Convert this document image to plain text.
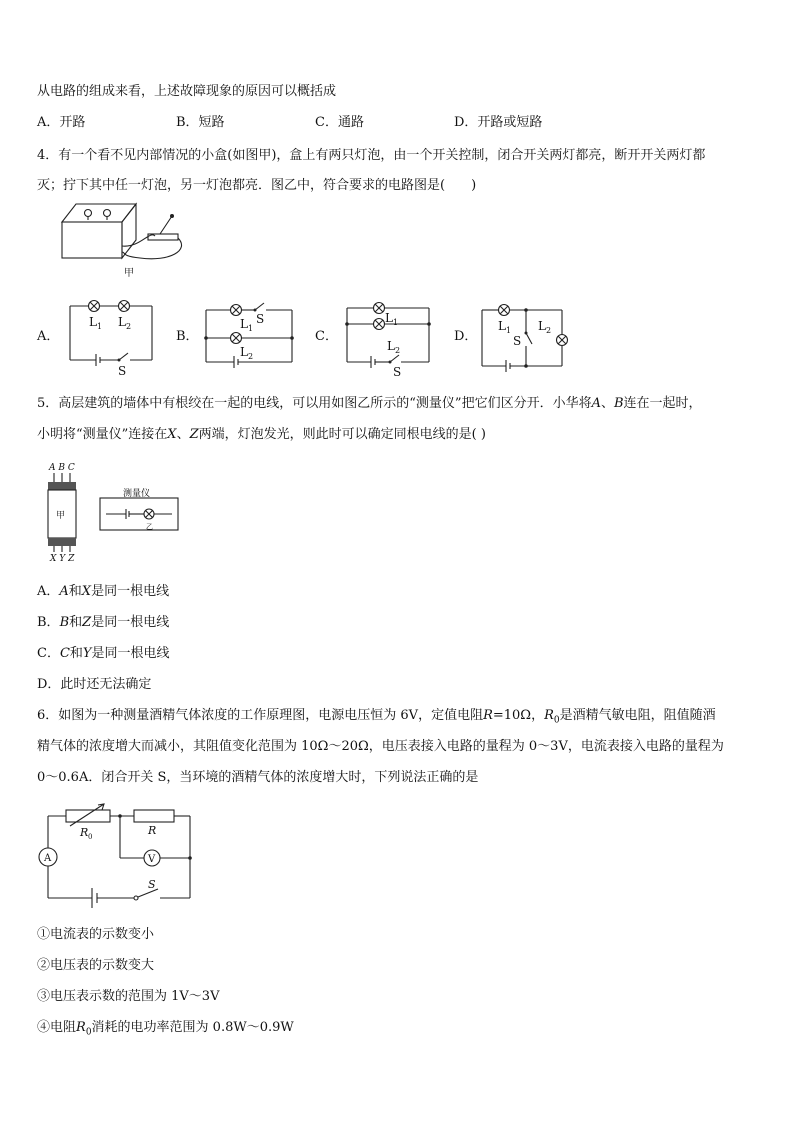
从电路的组成来看，上述故障现象的原因可以概括成
A．开路	B．短路	C．通路	D．开路或短路
4．有一个看不见内部情况的小盒(如图甲)，盒上有两只灯泡，由一个开关控制，闭合开关两灯都亮，断开开关两灯都
灭；拧下其中任一灯泡，另一灯泡都亮．图乙中，符合要求的电路图是(　　)
甲
A．	B．	C．	D．
L 1 L 2
S
L 1
S
L 2
L 1
L 2
S
L 1 L 2
S
5．高层建筑的墙体中有根绞在一起的电线，可以用如图乙所示的“测量仪”把它们区分开．小华将A、B连在一起时，
小明将“测量仪”连接在X、Z两端，灯泡发光，则此时可以确定同根电线的是( )
A B C
甲
X Y Z
测量仪
乙
A．A和X是同一根电线
B．B和Z是同一根电线
C．C和Y是同一根电线
D．此时还无法确定
6．如图为一种测量酒精气体浓度的工作原理图，电源电压恒为 6V，定值电阻R=10Ω，$R_0$是酒精气敏电阻，阻值随酒
精气体的浓度增大而减小，其阻值变化范围为 10Ω～20Ω，电压表接入电路的量程为 0～3V，电流表接入电路的量程为
0～0.6A．闭合开关 S，当环境的酒精气体的浓度增大时，下列说法正确的是
R 0	R
A	V
S
①电流表的示数变小
②电压表的示数变大
③电压表示数的范围为 1V～3V
④电阻$R_0$消耗的电功率范围为 0.8W～0.9W
